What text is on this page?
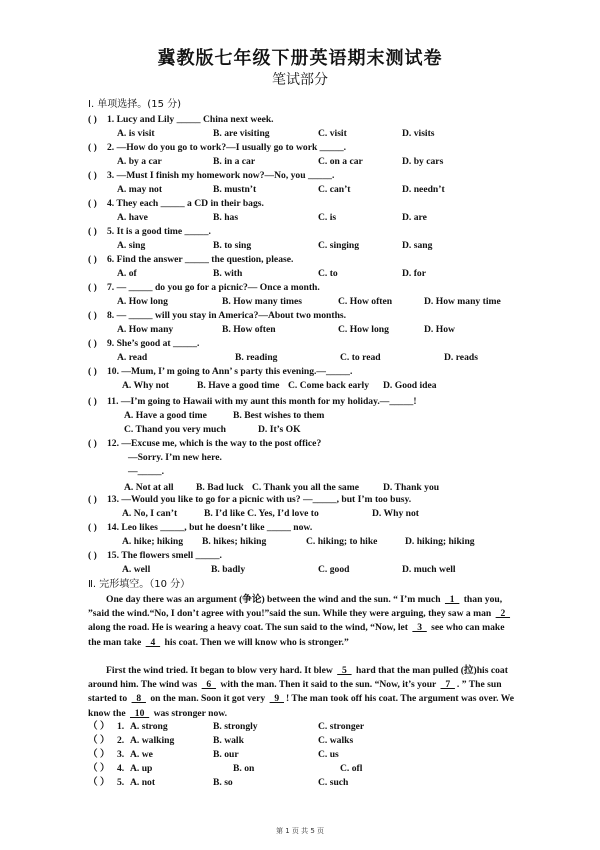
冀教版七年级下册英语期末测试卷
笔试部分
Ⅰ. 单项选择。(15 分)
( ) 1. Lucy and Lily _____ China next week.
A. is visit	B. are visiting	C. visit	D. visits
( ) 2. —How do you go to work?—I usually go to work _____.
A. by a car	B. in a car	C. on a car	D. by cars
( ) 3. —Must I finish my homework now?—No, you _____.
A. may not	B. mustn’t	C. can’t	D. needn’t
( ) 4. They each _____ a CD in their bags.
A. have	B. has	C. is	D. are
( ) 5. It is a good time _____.
A. sing	B. to sing	C. singing	D. sang
( ) 6. Find the answer _____ the question, please.
A. of	B. with	C. to	D. for
( ) 7. — _____ do you go for a picnic?— Once a month.
A. How long	B. How many times	C. How often	D. How many time
( ) 8. — _____ will you stay in America?—About two months.
A. How many	B. How often	C. How long	D. How
( ) 9. She’s good at _____.
A. read	B. reading	C. to read	D. reads
( ) 10. —Mum, I’ m going to Ann’ s party this evening.—_____.
A. Why not	B. Have a good time C. Come back early D. Good idea
( ) 11. —I’m going to Hawaii with my aunt this month for my holiday.—_____!
A. Have a good time	B. Best wishes to them
C. Thand you very much	D. It’s OK
( ) 12. —Excuse me, which is the way to the post office?
—Sorry. I’m new here.
—_____.
A. Not at all B. Bad luck C. Thank you all the same	D. Thank you
( ) 13. —Would you like to go for a picnic with us? —_____, but I’m too busy.
A. No, I can’t	B. I’d like C. Yes, I’d love to	D. Why not
( ) 14. Leo likes _____, but he doesn’t like _____ now.
A. hike; hiking B. hikes; hiking	C. hiking; to hike	D. hiking; hiking
( ) 15. The flowers smell _____.
A. well	B. badly	C. good	D. much well
Ⅱ. 完形填空。（10 分）
One day there was an argument (争论) between the wind and the sun. “ I’m much   1   than you, ”said the wind.“No, I don’t agree with you!”said the sun. While they were arguing, they saw a man   2   along the road. He is wearing a heavy coat. The sun said to the wind, “Now, let   3   see who can make the man take   4   his coat. Then we will know who is stronger.”
First the wind tried. It began to blow very hard. It blew   5   hard that the man pulled (拉)his coat around him. The wind was   6   with the man. Then it said to the sun. “Now, it’s your   7  . ” The sun started to   8   on the man. Soon it got very   9  ! The man took off his coat. The argument was over. We know the   10   was stronger now.
（ ） 1. A. strong	B. strongly	C. stronger
（ ） 2. A. walking	B. walk	C. walks
（ ） 3. A. we	B. our	C. us
（ ） 4. A. up	B. on	C. ofl
（ ） 5. A. not	B. so	C. such
第 1 页 共 5 页
